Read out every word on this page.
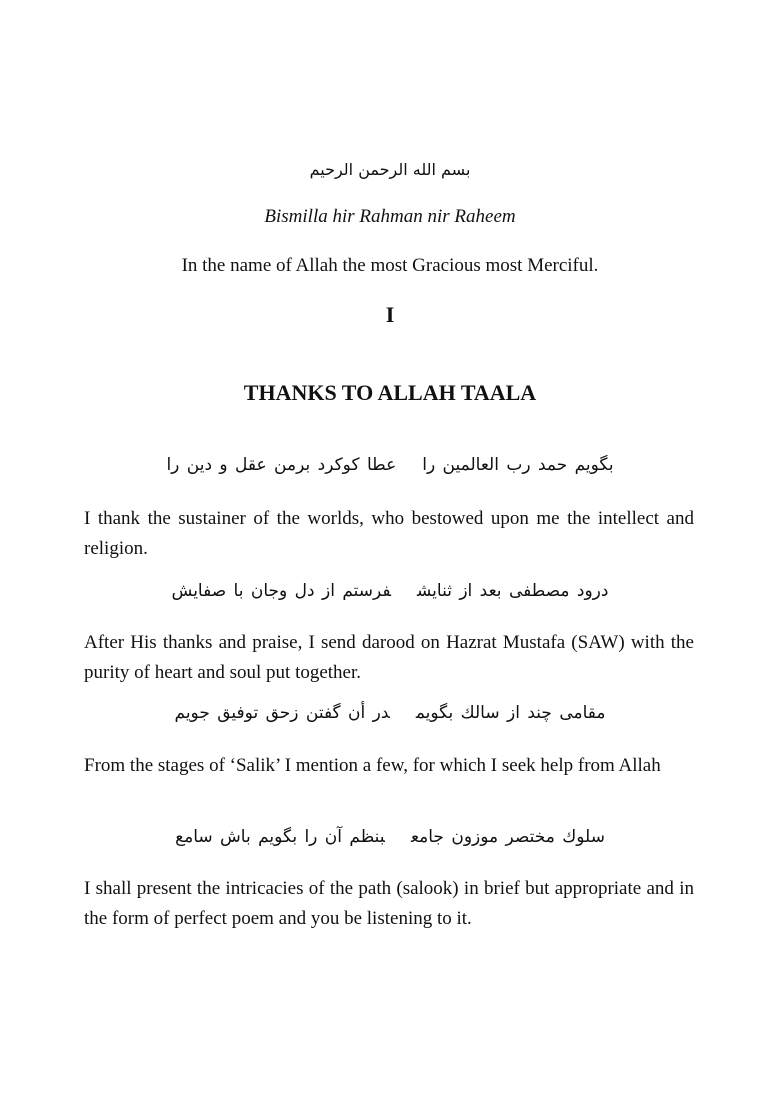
بسم الله الرحمن الرحيم
Bismilla hir Rahman nir Raheem
In the name of Allah the most Gracious most Merciful.
I
THANKS TO ALLAH TAALA
بگویم حمد رب العالمین راعطا کوکرد برمن عقل و دین را
I thank the sustainer of the worlds, who bestowed upon me the intellect and religion.
درود مصطفی بعد از ثنایشفرستم از دل وجان با صفایش
After His thanks and praise, I send darood on Hazrat Mustafa (SAW) with the purity of heart and soul put together.
مقامی چند از سالك بگویمدر أن گفتن زحق توفیق جویم
From the stages of ‘Salik’ I mention a few, for which I seek help from Allah
سلوك مختصر موزون جامعبنظم آن را بگویم باش سامع
I shall present the intricacies of the path (salook) in brief but appropriate and in the form of perfect poem and you be listening to it.
